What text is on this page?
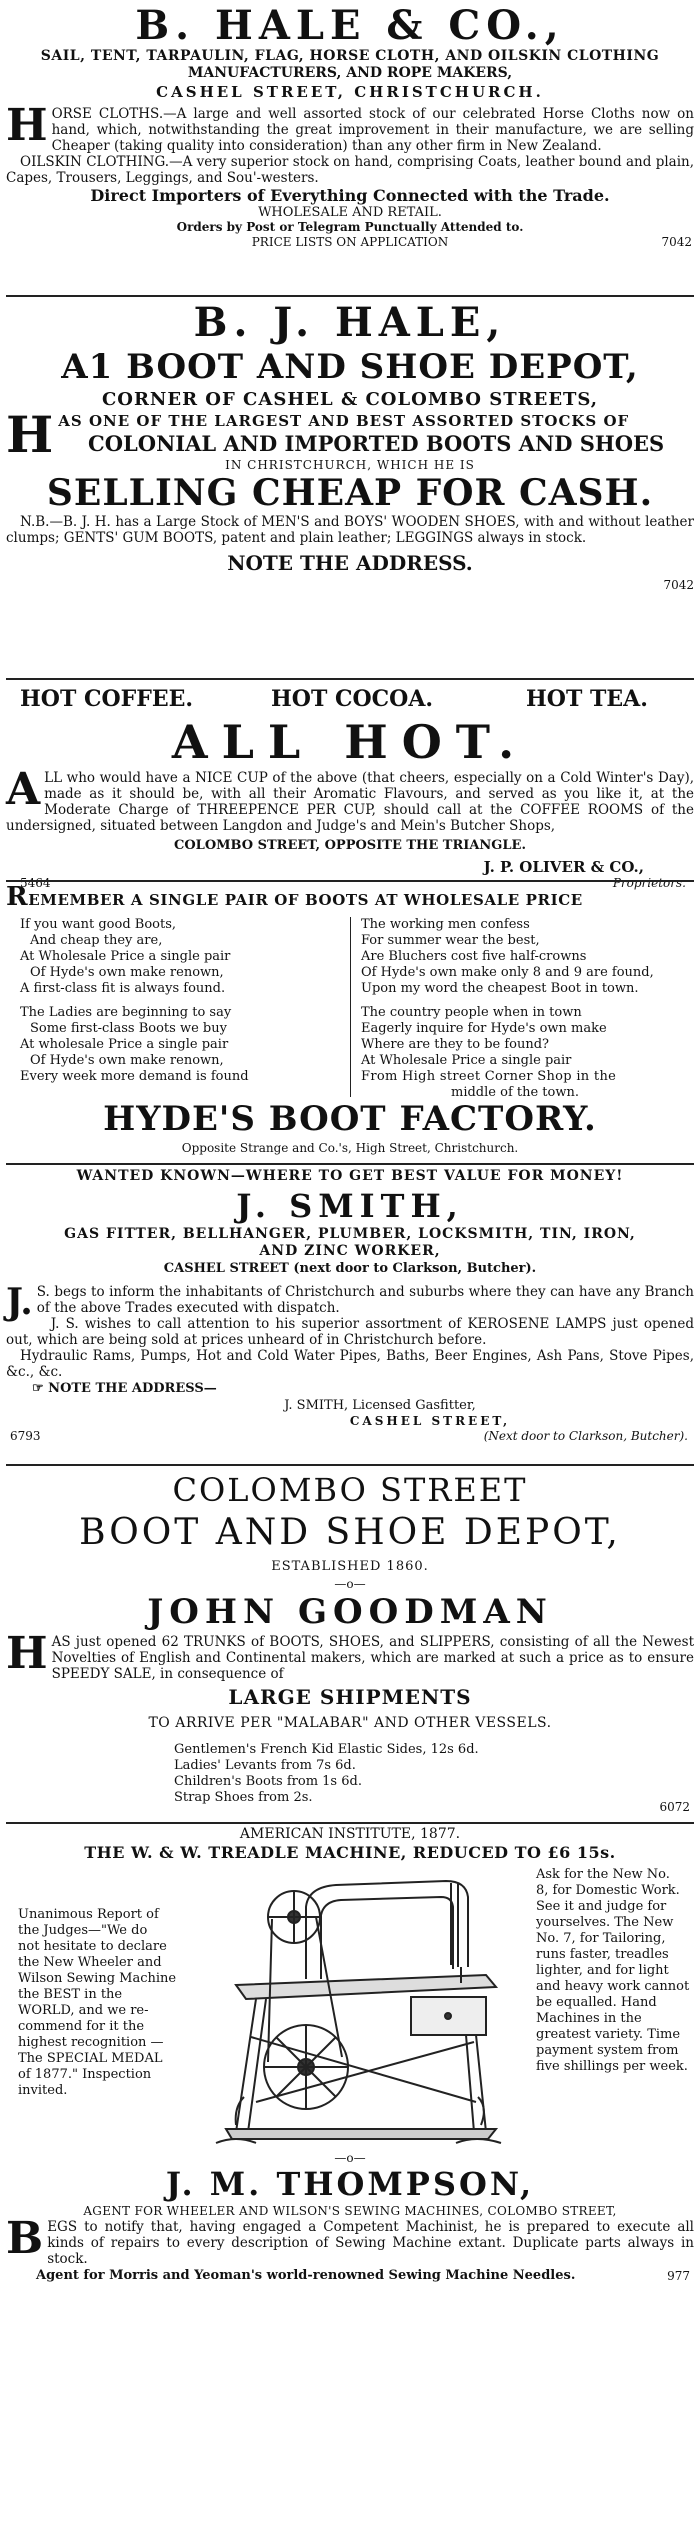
B. HALE & CO.,
SAIL, TENT, TARPAULIN, FLAG, HORSE CLOTH, AND OILSKIN CLOTHING
MANUFACTURERS, AND ROPE MAKERS,
CASHEL STREET, CHRISTCHURCH.
HORSE CLOTHS.—A large and well assorted stock of our celebrated Horse Cloths now on hand, which, notwithstanding the great improvement in their manufacture, we are selling Cheaper (taking quality into consideration) than any other firm in New Zealand.
OILSKIN CLOTHING.—A very superior stock on hand, comprising Coats, leather bound and plain, Capes, Trousers, Leggings, and Sou'-westers.
Direct Importers of Everything Connected with the Trade.
WHOLESALE AND RETAIL.
Orders by Post or Telegram Punctually Attended to.
PRICE LISTS ON APPLICATION	7042
B. J. HALE,
A1 BOOT AND SHOE DEPOT,
CORNER OF CASHEL & COLOMBO STREETS,
HAS ONE OF THE LARGEST AND BEST ASSORTED STOCKS OF
COLONIAL AND IMPORTED BOOTS AND SHOES
IN CHRISTCHURCH, WHICH HE IS
SELLING CHEAP FOR CASH.
N.B.—B. J. H. has a Large Stock of MEN'S and BOYS' WOODEN SHOES, with and without leather clumps; GENTS' GUM BOOTS, patent and plain leather; LEGGINGS always in stock.
NOTE THE ADDRESS.
7042
HOT COFFEE.	HOT COCOA.	HOT TEA.
ALL HOT.
ALL who would have a NICE CUP of the above (that cheers, especially on a Cold Winter's Day), made as it should be, with all their Aromatic Flavours, and served as you like it, at the Moderate Charge of THREEPENCE PER CUP, should call at the COFFEE ROOMS of the undersigned, situated between Langdon and Judge's and Mein's Butcher Shops,
COLOMBO STREET, OPPOSITE THE TRIANGLE.
J. P. OLIVER & CO.,
5464	Proprietors.
REMEMBER A SINGLE PAIR OF BOOTS AT WHOLESALE PRICE
If you want good Boots,
And cheap they are,
At Wholesale Price a single pair
Of Hyde's own make renown,
A first-class fit is always found.
The Ladies are beginning to say
Some first-class Boots we buy
At wholesale Price a single pair
Of Hyde's own make renown,
Every week more demand is found
The working men confess
For summer wear the best,
Are Bluchers cost five half-crowns
Of Hyde's own make only 8 and 9 are found,
Upon my word the cheapest Boot in town.
The country people when in town
Eagerly inquire for Hyde's own make
Where are they to be found?
At Wholesale Price a single pair
From High street Corner Shop in the
middle of the town.
HYDE'S BOOT FACTORY.
Opposite Strange and Co.'s, High Street, Christchurch.
WANTED KNOWN—WHERE TO GET BEST VALUE FOR MONEY!
J. SMITH,
GAS FITTER, BELLHANGER, PLUMBER, LOCKSMITH, TIN, IRON,
AND ZINC WORKER,
CASHEL STREET (next door to Clarkson, Butcher).
J. S. begs to inform the inhabitants of Christchurch and suburbs where they can have any Branch of the above Trades executed with dispatch.
J. S. wishes to call attention to his superior assortment of KEROSENE LAMPS just opened out, which are being sold at prices unheard of in Christchurch before.
Hydraulic Rams, Pumps, Hot and Cold Water Pipes, Baths, Beer Engines, Ash Pans, Stove Pipes, &c., &c.
☞ NOTE THE ADDRESS—
J. SMITH, Licensed Gasfitter,
CASHEL STREET,
6793	(Next door to Clarkson, Butcher).
COLOMBO STREET
BOOT AND SHOE DEPOT,
ESTABLISHED 1860.
—o—
JOHN GOODMAN
HAS just opened 62 TRUNKS of BOOTS, SHOES, and SLIPPERS, consisting of all the Newest Novelties of English and Continental makers, which are marked at such a price as to ensure SPEEDY SALE, in consequence of
LARGE SHIPMENTS
TO ARRIVE PER "MALABAR" AND OTHER VESSELS.
Gentlemen's French Kid Elastic Sides, 12s 6d.
Ladies' Levants from 7s 6d.
Children's Boots from 1s 6d.
Strap Shoes from 2s.
6072
AMERICAN INSTITUTE, 1877.
THE W. & W. TREADLE MACHINE, REDUCED TO £6 15s.
Unanimous Report of
the Judges—"We do
not hesitate to declare
the New Wheeler and
Wilson Sewing Machine
the BEST in the
WORLD, and we re-
commend for it the
highest recognition —
The SPECIAL MEDAL
of 1877." Inspection
invited.
Ask for the New No.
8, for Domestic Work.
See it and judge for
yourselves. The New
No. 7, for Tailoring,
runs faster, treadles
lighter, and for light
and heavy work cannot
be equalled. Hand
Machines in the
greatest variety. Time
payment system from
five shillings per week.
—o—
J. M. THOMPSON,
AGENT FOR WHEELER AND WILSON'S SEWING MACHINES, COLOMBO STREET,
BEGS to notify that, having engaged a Competent Machinist, he is prepared to execute all kinds of repairs to every description of Sewing Machine extant. Duplicate parts always in stock.
Agent for Morris and Yeoman's world-renowned Sewing Machine Needles.	977
